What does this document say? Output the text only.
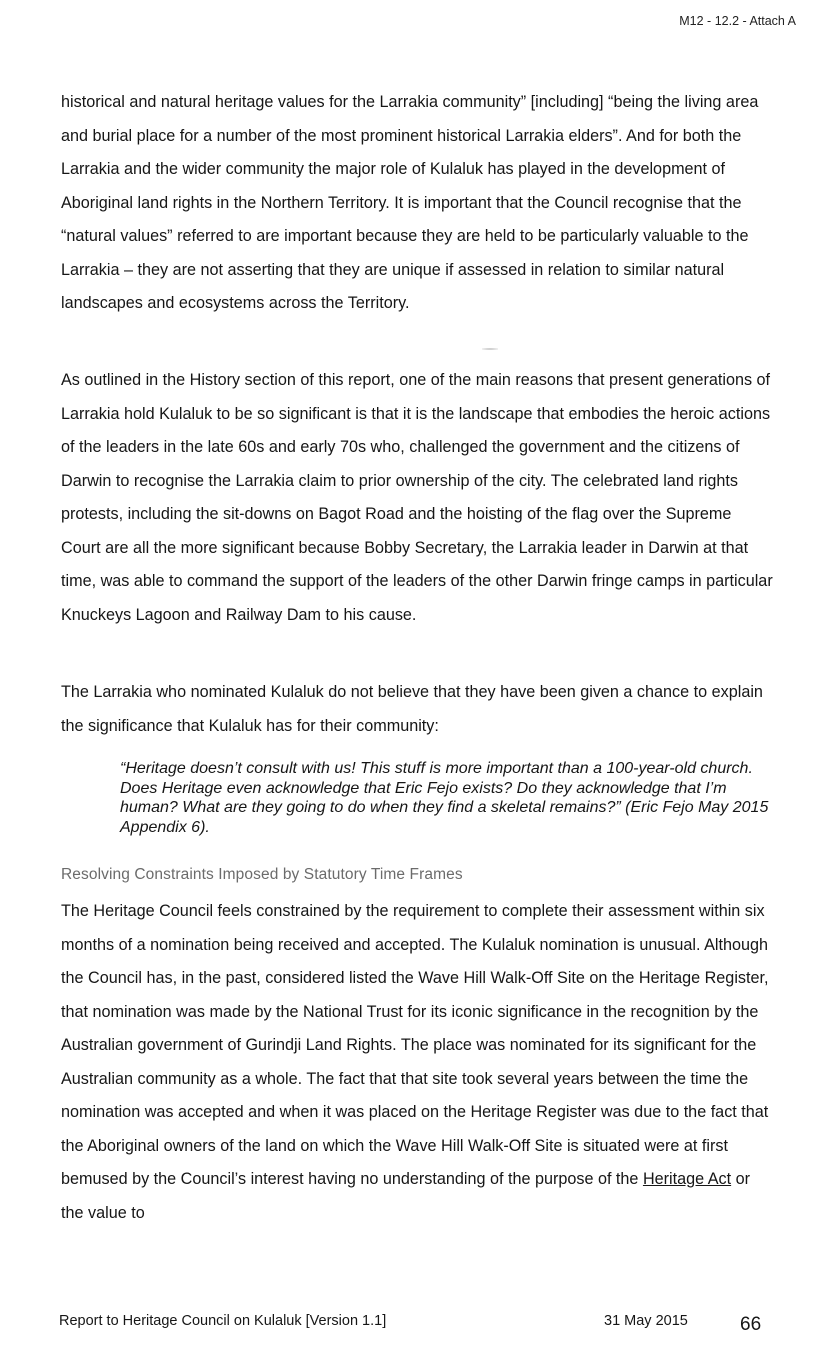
M12 - 12.2 - Attach A

historical and natural heritage values for the Larrakia community” [including] “being the living area and burial place for a number of the most prominent historical Larrakia elders”. And for both the Larrakia and the wider community the major role of Kulaluk has played in the development of Aboriginal land rights in the Northern Territory. It is important that the Council recognise that the “natural values” referred to are important because they are held to be particularly valuable to the Larrakia – they are not asserting that they are unique if assessed in relation to similar natural landscapes and ecosystems across the Territory.

As outlined in the History section of this report, one of the main reasons that present generations of Larrakia hold Kulaluk to be so significant is that it is the landscape that embodies the heroic actions of the leaders in the late 60s and early 70s who, challenged the government and the citizens of Darwin to recognise the Larrakia claim to prior ownership of the city. The celebrated land rights protests, including the sit-downs on Bagot Road and the hoisting of the flag over the Supreme Court are all the more significant because Bobby Secretary, the Larrakia leader in Darwin at that time, was able to command the support of the leaders of the other Darwin fringe camps in particular Knuckeys Lagoon and Railway Dam to his cause.

The Larrakia who nominated Kulaluk do not believe that they have been given a chance to explain the significance that Kulaluk has for their community:

“Heritage doesn’t consult with us! This stuff is more important than a 100-year-old church. Does Heritage even acknowledge that Eric Fejo exists? Do they acknowledge that I’m human? What are they going to do when they find a skeletal remains?” (Eric Fejo May 2015 Appendix 6).

Resolving Constraints Imposed by Statutory Time Frames

The Heritage Council feels constrained by the requirement to complete their assessment within six months of a nomination being received and accepted. The Kulaluk nomination is unusual. Although the Council has, in the past, considered listed the Wave Hill Walk-Off Site on the Heritage Register, that nomination was made by the National Trust for its iconic significance in the recognition by the Australian government of Gurindji Land Rights. The place was nominated for its significant for the Australian community as a whole. The fact that that site took several years between the time the nomination was accepted and when it was placed on the Heritage Register was due to the fact that the Aboriginal owners of the land on which the Wave Hill Walk-Off Site is situated were at first bemused by the Council’s interest having no understanding of the purpose of the Heritage Act or the value to

Report to Heritage Council on Kulaluk [Version 1.1]	31 May 2015	66
